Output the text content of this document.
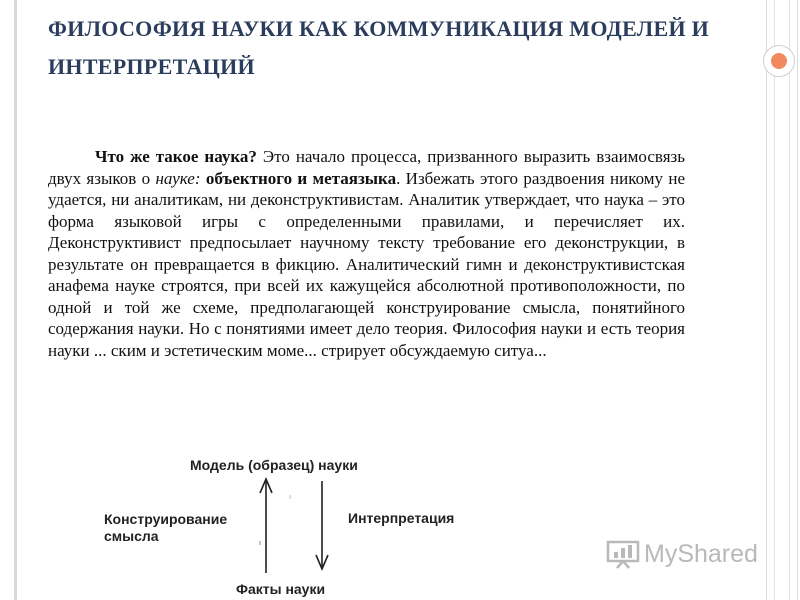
ФИЛОСОФИЯ НАУКИ КАК КОММУНИКАЦИЯ МОДЕЛЕЙ И ИНТЕРПРЕТАЦИЙ

Что же такое наука? Это начало процесса, призванного выразить взаимосвязь двух языков о науке: объектного и метаязыка. Избежать этого раздвоения никому не удается, ни аналитикам, ни деконструктивистам. Аналитик утверждает, что наука – это форма языковой игры с определенными правилами, и перечисляет их. Деконструктивист предпосылает научному тексту требование его деконструкции, в результате он превращается в фикцию. Аналитический гимн и деконструктивистская анафема науке строятся, при всей их кажущейся абсолютной противоположности, по одной и той же схеме, предполагающей конструирование смысла, понятийного содержания науки. Но с понятиями имеет дело теория. Философия науки и есть теория науки ... ским и эстетическим моме... стрирует обсуждаемую ситуа...

Модель (образец) науки
Конструирование
смысла
Интерпретация
Факты науки
MyShared
